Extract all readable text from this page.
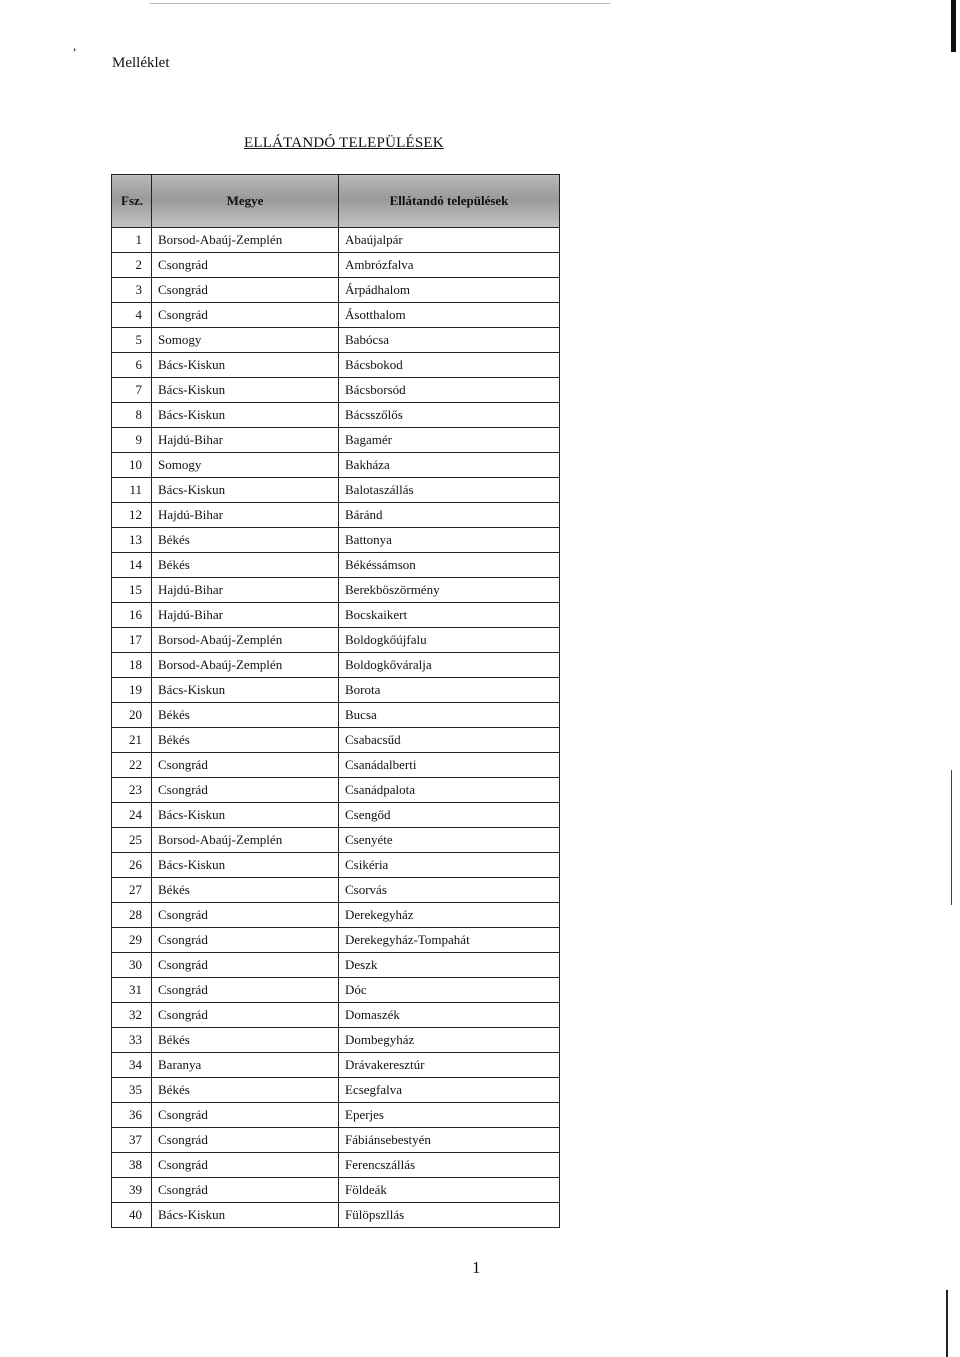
,
Melléklet
ELLÁTANDÓ TELEPÜLÉSEK
Fsz.	Megye	Ellátandó települések
1	Borsod-Abaúj-Zemplén	Abaújalpár
2	Csongrád	Ambrózfalva
3	Csongrád	Árpádhalom
4	Csongrád	Ásotthalom
5	Somogy	Babócsa
6	Bács-Kiskun	Bácsbokod
7	Bács-Kiskun	Bácsborsód
8	Bács-Kiskun	Bácsszőlős
9	Hajdú-Bihar	Bagamér
10	Somogy	Bakháza
11	Bács-Kiskun	Balotaszállás
12	Hajdú-Bihar	Báránd
13	Békés	Battonya
14	Békés	Békéssámson
15	Hajdú-Bihar	Berekböszörmény
16	Hajdú-Bihar	Bocskaikert
17	Borsod-Abaúj-Zemplén	Boldogkőújfalu
18	Borsod-Abaúj-Zemplén	Boldogkőváralja
19	Bács-Kiskun	Borota
20	Békés	Bucsa
21	Békés	Csabacsűd
22	Csongrád	Csanádalberti
23	Csongrád	Csanádpalota
24	Bács-Kiskun	Csengőd
25	Borsod-Abaúj-Zemplén	Csenyéte
26	Bács-Kiskun	Csikéria
27	Békés	Csorvás
28	Csongrád	Derekegyház
29	Csongrád	Derekegyház-Tompahát
30	Csongrád	Deszk
31	Csongrád	Dóc
32	Csongrád	Domaszék
33	Békés	Dombegyház
34	Baranya	Drávakeresztúr
35	Békés	Ecsegfalva
36	Csongrád	Eperjes
37	Csongrád	Fábiánsebestyén
38	Csongrád	Ferencszállás
39	Csongrád	Földeák
40	Bács-Kiskun	Fülöpszllás
1
